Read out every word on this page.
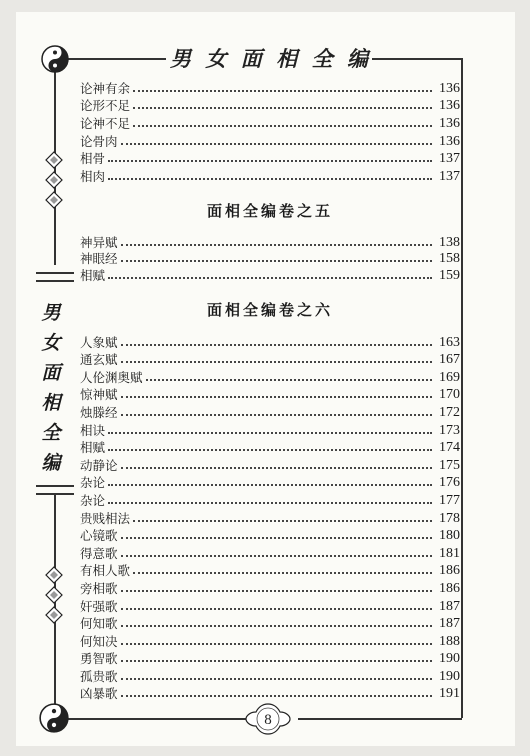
男 女 面 相 全 编
男
女
面
相
全
编
论神有余	136
论形不足	136
论神不足	136
论骨肉	136
相骨	137
相肉	137
面相全编卷之五
神异赋	138
神眼经	158
相赋	159
面相全编卷之六
人象赋	163
通玄赋	167
人伦渊奥赋	169
惊神赋	170
烛滕经	172
相诀	173
相赋	174
动静论	175
杂论	176
杂论	177
贵贱相法	178
心镜歌	180
得意歌	181
有相人歌	186
旁相歌	186
奸强歌	187
何知歌	187
何知决	188
勇智歌	190
孤贵歌	190
凶暴歌	191
8
